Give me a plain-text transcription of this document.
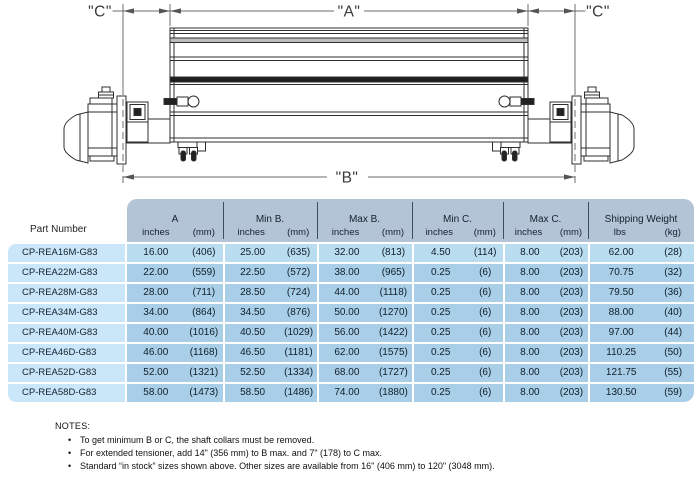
"C"	"A"	"C"
"B"
Part Number
A
inches	(mm)
Min B.
inches	(mm)
Max B.
inches	(mm)
Min C.
inches	(mm)
Max C.
inches	(mm)
Shipping Weight
lbs	(kg)
CP-REA16M-G83	16.00	(406)	25.00	(635)	32.00	(813)	4.50	(114)	8.00	(203)	62.00	(28)
CP-REA22M-G83	22.00	(559)	22.50	(572)	38.00	(965)	0.25	(6)	8.00	(203)	70.75	(32)
CP-REA28M-G83	28.00	(711)	28.50	(724)	44.00	(1118)	0.25	(6)	8.00	(203)	79.50	(36)
CP-REA34M-G83	34.00	(864)	34.50	(876)	50.00	(1270)	0.25	(6)	8.00	(203)	88.00	(40)
CP-REA40M-G83	40.00	(1016)	40.50	(1029)	56.00	(1422)	0.25	(6)	8.00	(203)	97.00	(44)
CP-REA46D-G83	46.00	(1168)	46.50	(1181)	62.00	(1575)	0.25	(6)	8.00	(203)	110.25	(50)
CP-REA52D-G83	52.00	(1321)	52.50	(1334)	68.00	(1727)	0.25	(6)	8.00	(203)	121.75	(55)
CP-REA58D-G83	58.00	(1473)	58.50	(1486)	74.00	(1880)	0.25	(6)	8.00	(203)	130.50	(59)
NOTES:
• To get minimum B or C, the shaft collars must be removed.
• For extended tensioner, add 14" (356 mm) to B max. and 7" (178) to C max.
• Standard “in stock” sizes shown above. Other sizes are available from 16" (406 mm) to 120" (3048 mm).
